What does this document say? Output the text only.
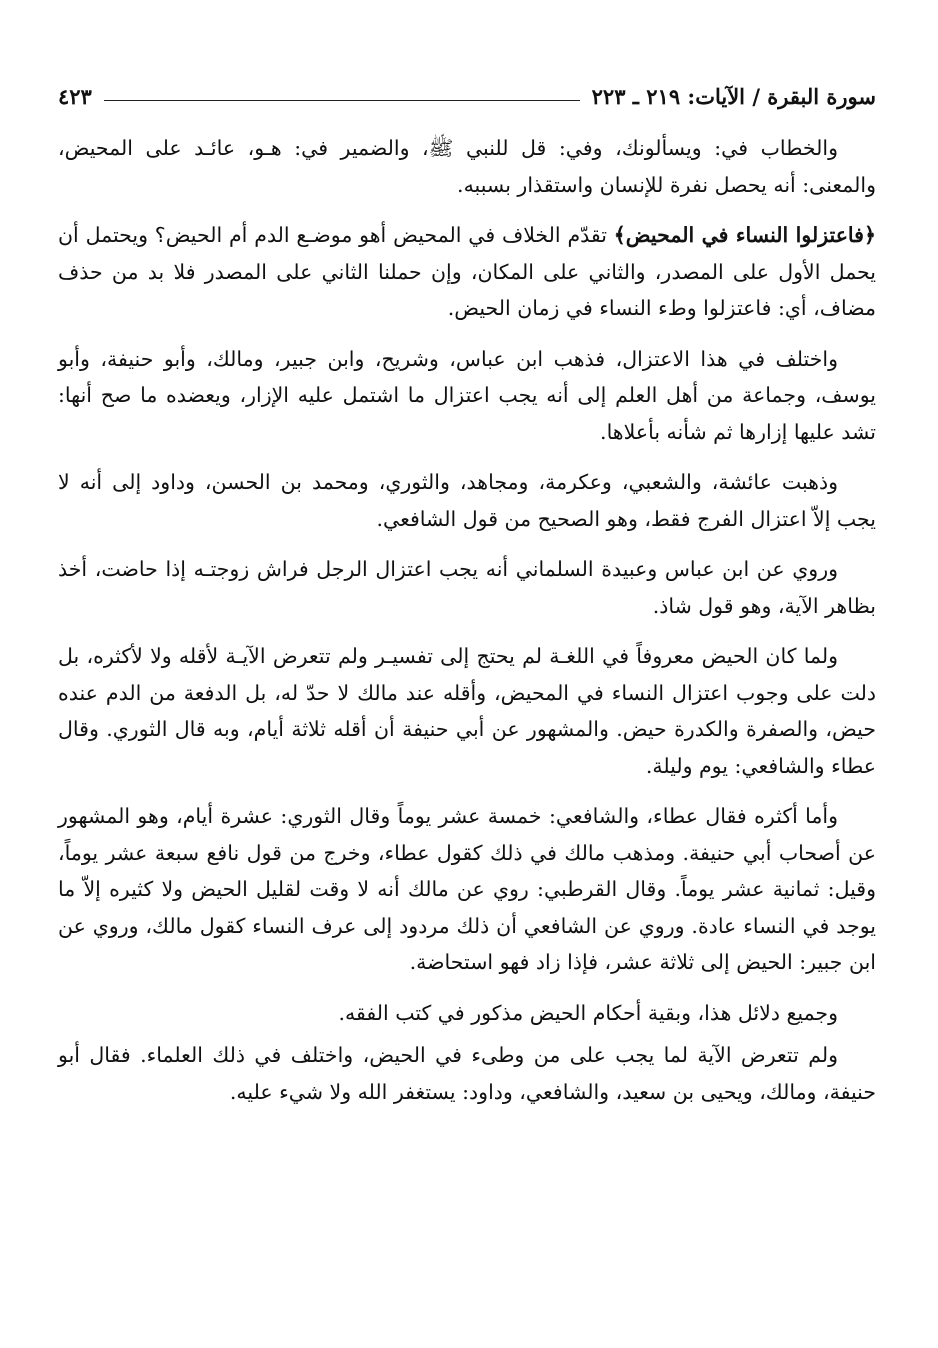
سورة البقرة / الآيات: ٢١٩ ـ ٢٢٣
٤٢٣

والخطاب في: ويسألونك، وفي: قل للنبي ﷺ، والضمير في: هـو، عائـد على المحيض، والمعنى: أنه يحصل نفرة للإنسان واستقذار بسببه.

﴿فاعتزلوا النساء في المحيض﴾ تقدّم الخلاف في المحيض أهو موضـع الدم أم الحيض؟ ويحتمل أن يحمل الأول على المصدر، والثاني على المكان، وإن حملنا الثاني على المصدر فلا بد من حذف مضاف، أي: فاعتزلوا وطء النساء في زمان الحيض.

واختلف في هذا الاعتزال، فذهب ابن عباس، وشريح، وابن جبير، ومالك، وأبو حنيفة، وأبو يوسف، وجماعة من أهل العلم إلى أنه يجب اعتزال ما اشتمل عليه الإزار، ويعضده ما صح أنها: تشد عليها إزارها ثم شأنه بأعلاها.

وذهبت عائشة، والشعبي، وعكرمة، ومجاهد، والثوري، ومحمد بن الحسن، وداود إلى أنه لا يجب إلاّ اعتزال الفرج فقط، وهو الصحيح من قول الشافعي.

وروي عن ابن عباس وعبيدة السلماني أنه يجب اعتزال الرجل فراش زوجتـه إذا حاضت، أخذ بظاهر الآية، وهو قول شاذ.

ولما كان الحيض معروفاً في اللغـة لم يحتج إلى تفسيـر ولم تتعرض الآيـة لأقله ولا لأكثره، بل دلت على وجوب اعتزال النساء في المحيض، وأقله عند مالك لا حدّ له، بل الدفعة من الدم عنده حيض، والصفرة والكدرة حيض. والمشهور عن أبي حنيفة أن أقله ثلاثة أيام، وبه قال الثوري. وقال عطاء والشافعي: يوم وليلة.

وأما أكثره فقال عطاء، والشافعي: خمسة عشر يوماً وقال الثوري: عشرة أيام، وهو المشهور عن أصحاب أبي حنيفة. ومذهب مالك في ذلك كقول عطاء، وخرج من قول نافع سبعة عشر يوماً، وقيل: ثمانية عشر يوماً. وقال القرطبي: روي عن مالك أنه لا وقت لقليل الحيض ولا كثيره إلاّ ما يوجد في النساء عادة. وروي عن الشافعي أن ذلك مردود إلى عرف النساء كقول مالك، وروي عن ابن جبير: الحيض إلى ثلاثة عشر، فإذا زاد فهو استحاضة.

وجميع دلائل هذا، وبقية أحكام الحيض مذكور في كتب الفقه.

ولم تتعرض الآية لما يجب على من وطىء في الحيض، واختلف في ذلك العلماء. فقال أبو حنيفة، ومالك، ويحيى بن سعيد، والشافعي، وداود: يستغفر الله ولا شيء عليه.
